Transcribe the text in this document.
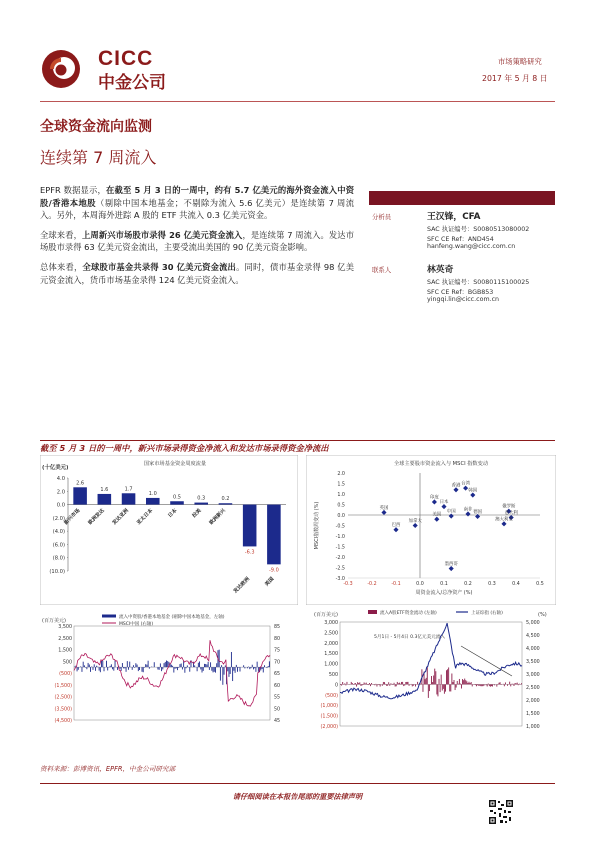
CICC
中金公司
市场策略研究
2017 年 5 月 8 日
全球资金流向监测
连续第 7 周流入
EPFR 数据显示，在截至 5 月 3 日的一周中，约有 5.7 亿美元的海外资金流入中资股/香港本地股（剔除中国本地基金；不剔除为流入 5.6 亿美元）是连续第 7 周流入。另外，本周海外进踪 A 股的 ETF 共流入 0.3 亿美元资金。
全球来看，上周新兴市场股市录得 26 亿美元资金流入，是连续第 7 周流入。发达市场股市录得 63 亿美元资金流出，主要受流出美国的 90 亿美元资金影响。
总体来看，全球股市基金共录得 30 亿美元资金流出。同时，债市基金录得 98 亿美元资金流入，货币市场基金录得 124 亿美元资金流入。
分析员	王汉锋，CFA
SAC 执证编号：S0080513080002
SFC CE Ref：AND454
hanfeng.wang@cicc.com.cn
联系人	林英奇
SAC 执证编号：S0080115100025
SFC CE Ref：BGB853
yingqi.lin@cicc.com.cn
截至 5 月 3 日的一周中，新兴市场录得资金净流入和发达市场录得资金净流出
国家市场基金资金周度流量
(十亿美元)
4.0
2.0
0.0
(2.0)
(4.0)
(6.0)
(8.0)
(10.0)
2.6
新兴市场
1.6
欧洲发达
1.7
发达亚洲
1.0
亚太日本
0.5
日本
0.3
拉美
0.2
欧洲新兴
-6.3
发达欧洲
-9.0
美国
全球主要股市资金流入与 MSCI 指数变动
2.0
1.5
1.0
0.5
0.0
-0.5
-1.0
-1.5
-2.0
-2.5
-3.0
-0.3	-0.2	-0.1	0.0	0.1	0.2	0.3	0.4	0.5
周资金流入/总净资产 (%)
MSCI指数周变动 (%)
香港 台湾
韩国
英国
日本
印度
巴西
美国
中国 南非
德国
俄罗斯
意大利
澳大利亚
加拿大
墨西哥
(百万美元)
流入中资股/香港本地基金 (剔除中国本地基金，左轴)
MSCI中国 (右轴)
3,500
2,500
1,500
500
(500)
(1,500)
(2,500)
(3,500)
(4,500)
85
80
75
70
65
60
55
50
45
(百万美元)	(%)
流入A股ETF资金流动 (左轴)	上证综指 (右轴)
3,000
2,500
2,000
1,500
1,000
500
0
(500)
(1,000)
(1,500)
(2,000)
5,000
4,500
4,000
3,500
3,000
2,500
2,000
1,500
1,000
5月1日 - 5月4日 0.3亿元美元流入
资料来源：彭博资讯，EPFR，中金公司研究部
请仔细阅读在本报告尾部的重要法律声明
